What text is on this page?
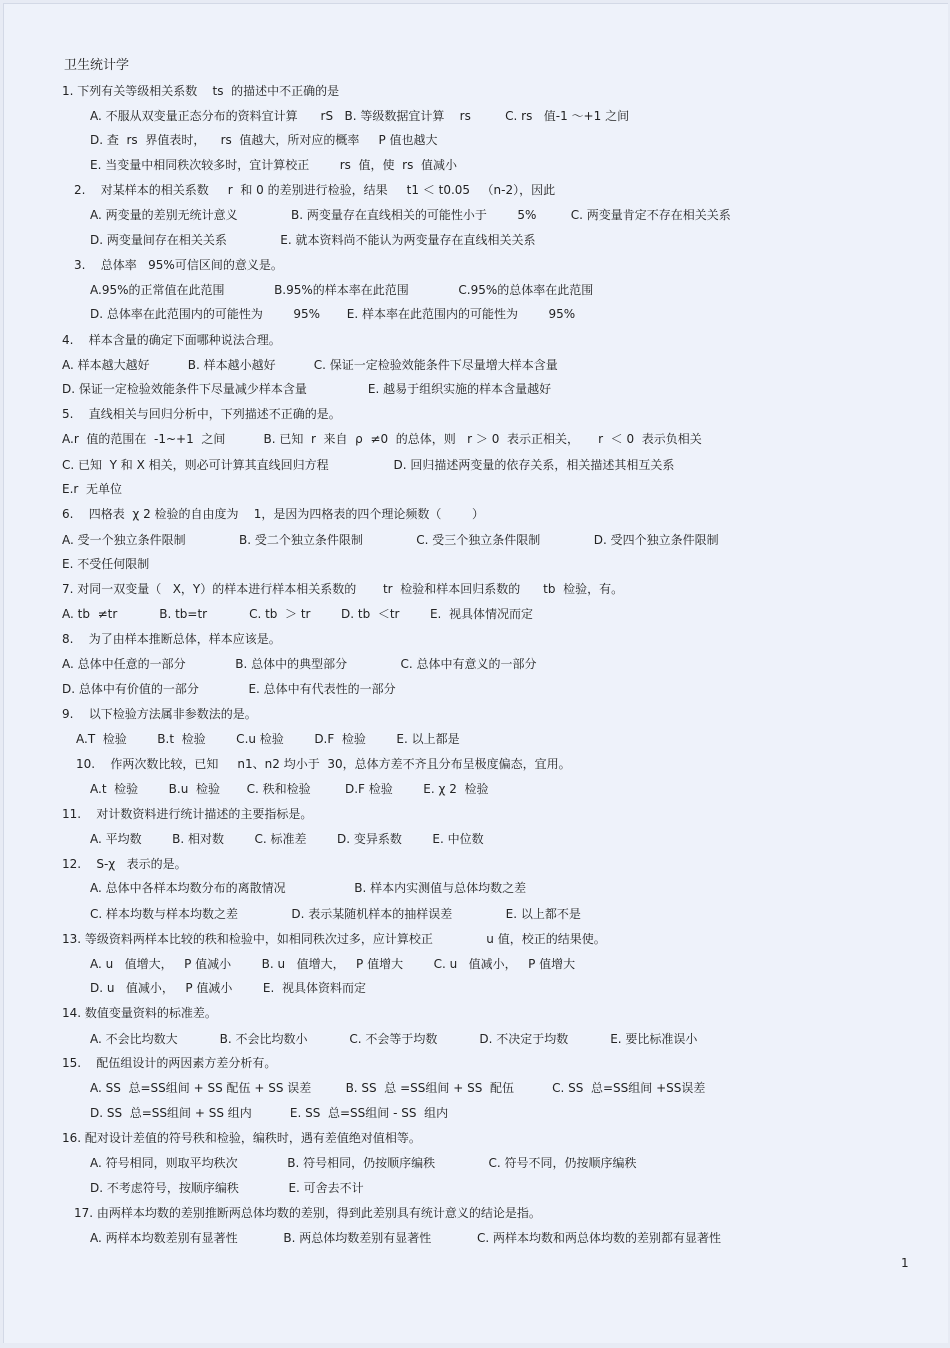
卫生统计学
1. 下列有关等级相关系数    ts  的描述中不正确的是
A. 不服从双变量正态分布的资料宜计算      rS   B. 等级数据宜计算    rs         C. rs   值-1 ～+1 之间
D. 查  rs  界值表时，    rs  值越大，所对应的概率     P 值也越大
E. 当变量中相同秩次较多时，宜计算校正        rs  值，使  rs  值减小
2.    对某样本的相关系数     r  和 0 的差别进行检验，结果     t1 ＜ t0.05   （n-2），因此
A. 两变量的差别无统计意义              B. 两变量存在直线相关的可能性小于        5%         C. 两变量肯定不存在相关关系
D. 两变量间存在相关关系              E. 就本资料尚不能认为两变量存在直线相关关系
3.    总体率   95%可信区间的意义是。
A.95%的正常值在此范围             B.95%的样本率在此范围             C.95%的总体率在此范围
D. 总体率在此范围内的可能性为        95%       E. 样本率在此范围内的可能性为        95%
4.    样本含量的确定下面哪种说法合理。
A. 样本越大越好          B. 样本越小越好          C. 保证一定检验效能条件下尽量增大样本含量
D. 保证一定检验效能条件下尽量减少样本含量                E. 越易于组织实施的样本含量越好
5.    直线相关与回归分析中，下列描述不正确的是。
A.r  值的范围在  -1~+1  之间          B. 已知  r  来自  ρ  ≠0  的总体，则   r ＞ 0  表示正相关，     r  ＜ 0  表示负相关
C. 已知  Y 和 X 相关，则必可计算其直线回归方程                 D. 回归描述两变量的依存关系，相关描述其相互关系
E.r  无单位
6.    四格表  χ 2 检验的自由度为    1，是因为四格表的四个理论频数（        ）
A. 受一个独立条件限制              B. 受二个独立条件限制              C. 受三个独立条件限制              D. 受四个独立条件限制
E. 不受任何限制
7. 对同一双变量（   X，Y）的样本进行样本相关系数的       tr  检验和样本回归系数的      tb  检验，有。
A. tb  ≠tr           B. tb=tr           C. tb  ＞ tr        D. tb  ＜tr        E.  视具体情况而定
8.    为了由样本推断总体，样本应该是。
A. 总体中任意的一部分             B. 总体中的典型部分              C. 总体中有意义的一部分
D. 总体中有价值的一部分             E. 总体中有代表性的一部分
9.    以下检验方法属非参数法的是。
A.T  检验        B.t  检验        C.u 检验        D.F  检验        E. 以上都是
10.    作两次数比较，已知     n1、n2 均小于  30，总体方差不齐且分布呈极度偏态，宜用。
A.t  检验        B.u  检验       C. 秩和检验         D.F 检验        E. χ 2  检验
11.    对计数资料进行统计描述的主要指标是。
A. 平均数        B. 相对数        C. 标准差        D. 变异系数        E. 中位数
12.    S-χ   表示的是。
A. 总体中各样本均数分布的离散情况                  B. 样本内实测值与总体均数之差
C. 样本均数与样本均数之差              D. 表示某随机样本的抽样误差              E. 以上都不是
13. 等级资料两样本比较的秩和检验中，如相同秩次过多，应计算校正              u 值，校正的结果使。
A. u   值增大，   P 值减小        B. u   值增大，   P 值增大        C. u   值减小，   P 值增大
D. u   值减小，   P 值减小        E.  视具体资料而定
14. 数值变量资料的标准差。
A. 不会比均数大           B. 不会比均数小           C. 不会等于均数           D. 不决定于均数           E. 要比标准误小
15.    配伍组设计的两因素方差分析有。
A. SS  总=SS组间 + SS 配伍 + SS 误差         B. SS  总 =SS组间 + SS  配伍          C. SS  总=SS组间 +SS误差
D. SS  总=SS组间 + SS 组内          E. SS  总=SS组间 - SS  组内
16. 配对设计差值的符号秩和检验，编秩时，遇有差值绝对值相等。
A. 符号相同，则取平均秩次             B. 符号相同，仍按顺序编秩              C. 符号不同，仍按顺序编秩
D. 不考虑符号，按顺序编秩             E. 可舍去不计
17. 由两样本均数的差别推断两总体均数的差别，得到此差别具有统计意义的结论是指。
A. 两样本均数差别有显著性            B. 两总体均数差别有显著性            C. 两样本均数和两总体均数的差别都有显著性
1
